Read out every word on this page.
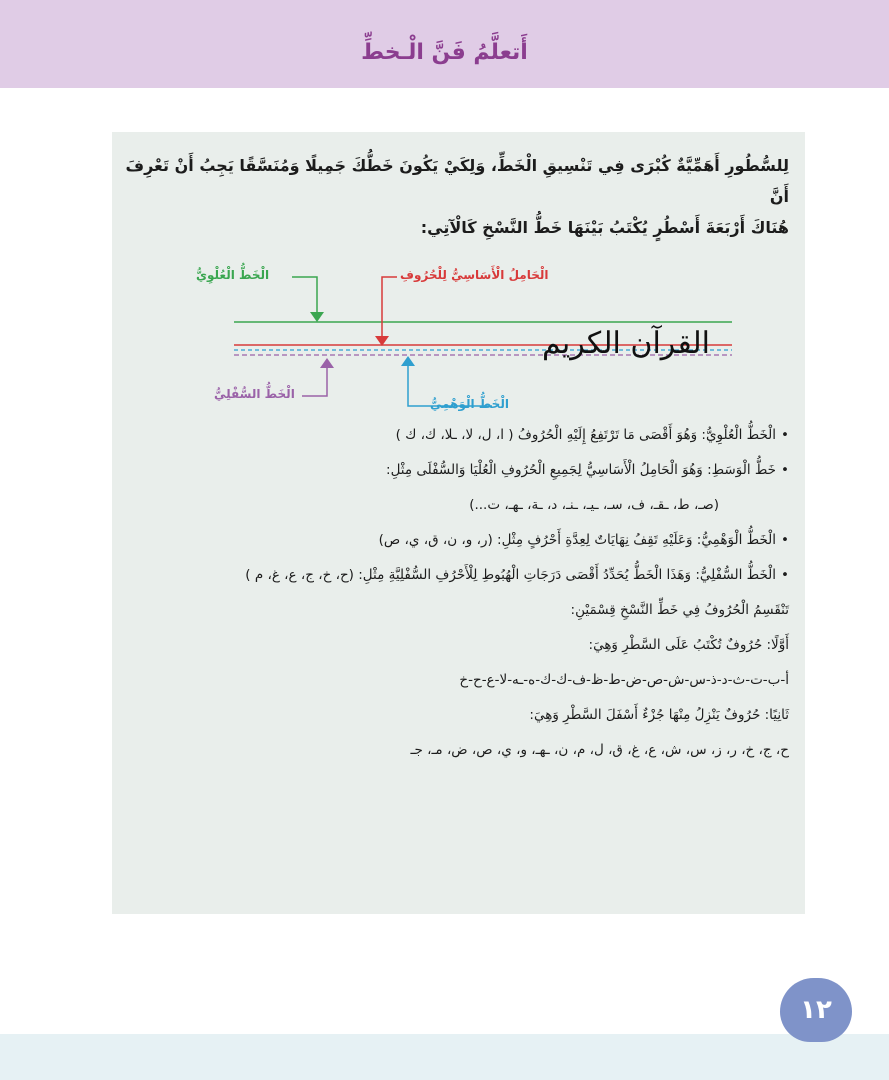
أَتعلَّمُ فَنَّ الْـخطِّ
لِلسُّطُورِ أَهَمِّيَّةٌ كُبْرَى فِي تَنْسِيقِ الْخَطِّ، وَلِكَيْ يَكُونَ خَطُّكَ جَمِيلًا وَمُنَسَّقًا يَجِبُ أَنْ تَعْرِفَ أَنَّ
هُنَاكَ أَرْبَعَةَ أَسْطُرٍ يُكْتَبُ بَيْنَهَا خَطُّ النَّسْخِ كَالْآتِي:
الْخَطُّ الْعُلْوِيُّ	الْحَامِلُ الْأَسَاسِيُّ لِلْحُرُوفِ
الْخَطُّ السُّفْلِيُّ
الْخَطُّ الْوَهْمِيُّ
القرآن الكريم
• الْخَطُّ الْعُلْوِيُّ: وَهُوَ أَقْصَى مَا تَرْتَفِعُ إِلَيْهِ الْحُرُوفُ ( ا، ل، لا، ـلا، ك، ك )
• خَطُّ الْوَسَطِ: وَهُوَ الْحَامِلُ الْأَسَاسِيُّ لِجَمِيعِ الْحُرُوفِ الْعُلْيَا وَالسُّفْلَى مِثْلِ:
(صـ، ط، ـقـ، ف، سـ، ـيـ، ـنـ، د، ـة، ـهـ، ت...)
• الْخَطُّ الْوَهْمِيُّ: وَعَلَيْهِ تَقِفُ نِهَايَاتٌ لِعِدَّةِ أَحْرُفٍ مِثْلِ: (ر، و، ن، ق، ي، ص)
• الْخَطُّ السُّفْلِيُّ: وَهَذَا الْخَطُّ يُحَدِّدُ أَقْصَى دَرَجَاتِ الْهُبُوطِ لِلْأَحْرُفِ السُّفْلِيَّةِ مِثْلِ: (ح، خ، ج، ع، غ، م )
تَنْقَسِمُ الْحُرُوفُ فِي خَطِّ النَّسْخِ قِسْمَيْنِ:
أَوَّلًا: حُرُوفٌ تُكْتَبُ عَلَى السَّطْرِ وَهِيَ:
أ-ب-ت-ث-د-ذ-س-ش-ص-ض-ط-ظ-ف-ك-ك-ه-ـه-لا-ع-ح-خ
ثَانِيًا: حُرُوفٌ يَنْزِلُ مِنْهَا جُزْءٌ أَسْفَلَ السَّطْرِ وَهِيَ:
ح، ج، خ، ر، ز، س، ش، ع، غ، ق، ل، م، ن، ـهـ، و، ي، ص، ض، مـ، جـ
١٢
